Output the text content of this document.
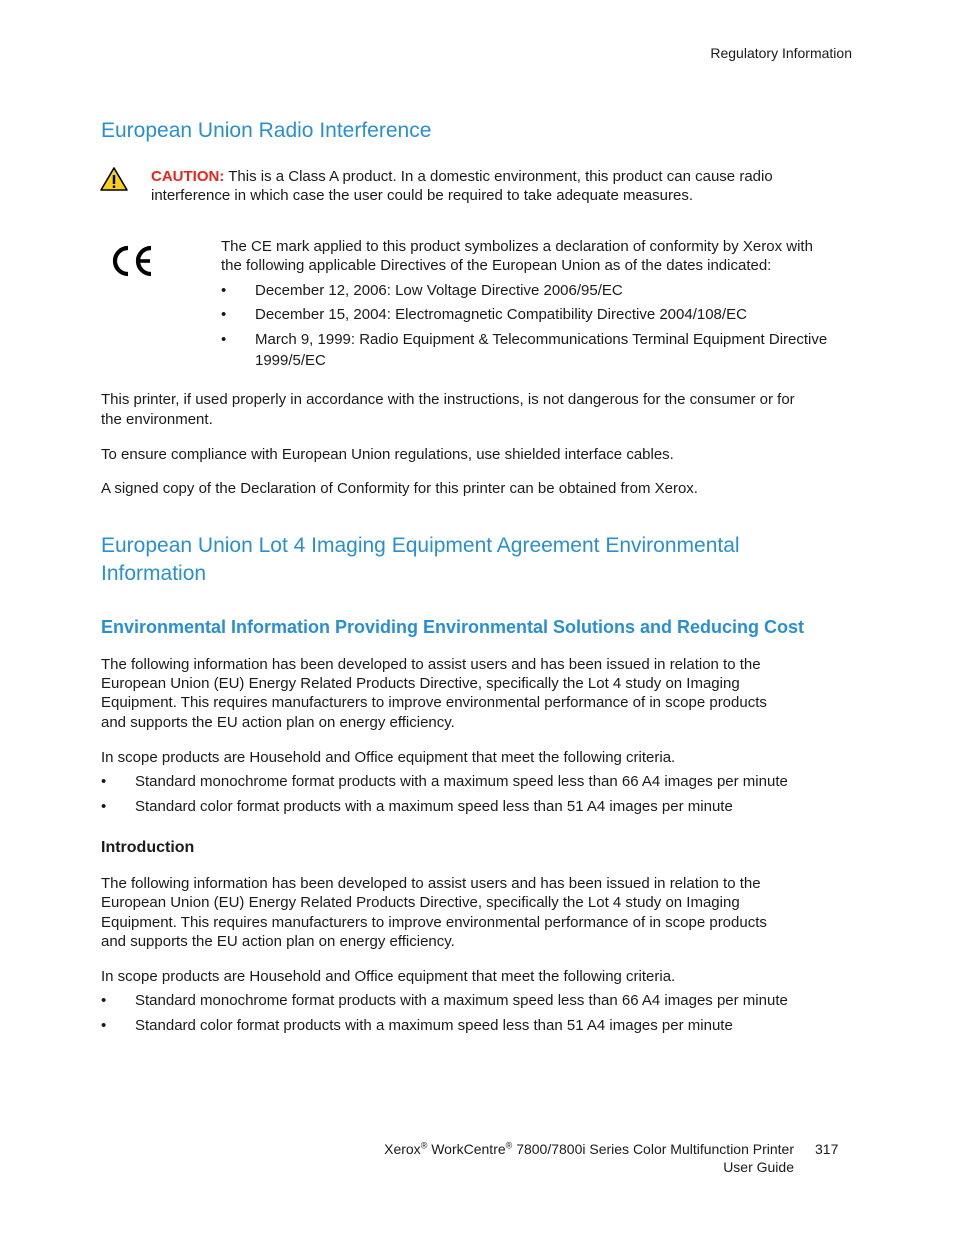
Regulatory Information
European Union Radio Interference
CAUTION: This is a Class A product. In a domestic environment, this product can cause radio
interference in which case the user could be required to take adequate measures.
The CE mark applied to this product symbolizes a declaration of conformity by Xerox with
the following applicable Directives of the European Union as of the dates indicated:
• December 12, 2006: Low Voltage Directive 2006/95/EC
• December 15, 2004: Electromagnetic Compatibility Directive 2004/108/EC
• March 9, 1999: Radio Equipment & Telecommunications Terminal Equipment Directive
1999/5/EC
This printer, if used properly in accordance with the instructions, is not dangerous for the consumer or for
the environment.
To ensure compliance with European Union regulations, use shielded interface cables.
A signed copy of the Declaration of Conformity for this printer can be obtained from Xerox.
European Union Lot 4 Imaging Equipment Agreement Environmental
Information
Environmental Information Providing Environmental Solutions and Reducing Cost
The following information has been developed to assist users and has been issued in relation to the
European Union (EU) Energy Related Products Directive, specifically the Lot 4 study on Imaging
Equipment. This requires manufacturers to improve environmental performance of in scope products
and supports the EU action plan on energy efficiency.
In scope products are Household and Office equipment that meet the following criteria.
• Standard monochrome format products with a maximum speed less than 66 A4 images per minute
• Standard color format products with a maximum speed less than 51 A4 images per minute
Introduction
The following information has been developed to assist users and has been issued in relation to the
European Union (EU) Energy Related Products Directive, specifically the Lot 4 study on Imaging
Equipment. This requires manufacturers to improve environmental performance of in scope products
and supports the EU action plan on energy efficiency.
In scope products are Household and Office equipment that meet the following criteria.
• Standard monochrome format products with a maximum speed less than 66 A4 images per minute
• Standard color format products with a maximum speed less than 51 A4 images per minute
Xerox® WorkCentre® 7800/7800i Series Color Multifunction Printer
User Guide
317
